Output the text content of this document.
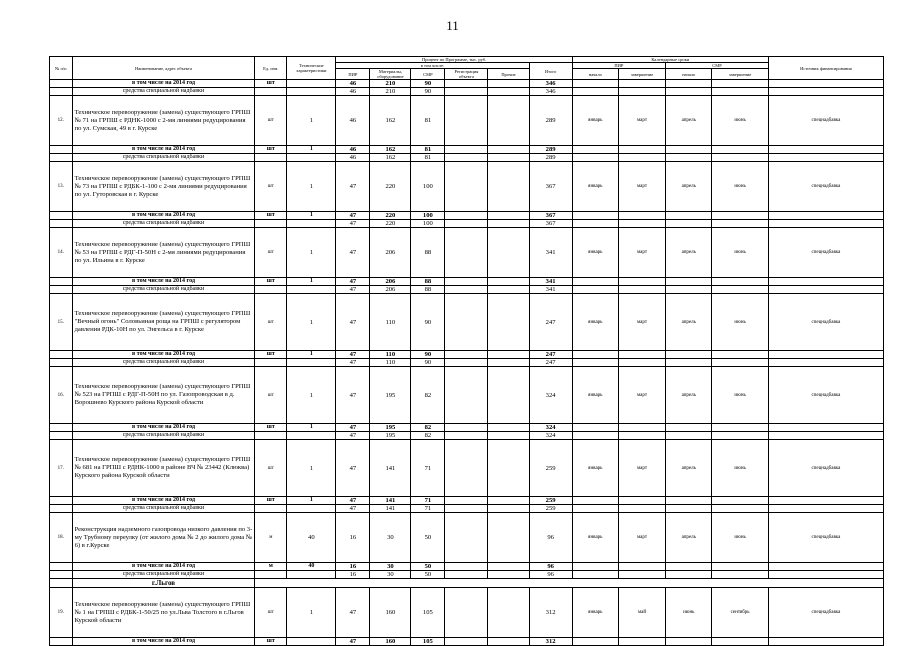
11
№ п/п	Наименование, адрес объекта	Ед. изм.	Технические характеристики	Процент по Программе, тыс. руб.						Календарные сроки				Источник финансирования
				в том числе:					Итого	ПИР		СМР		
				ПИР	Материалы, оборудование	СМР	Регистрация объекта	Прочие		начало	завершение	начало	завершение	
	в том числе на 2014 год	шт		46	210	90			346					
	средства специальной надбавки			46	210	90			346					
12.	Техническое перевооружение (замена) существующего ГРПШ № 71 на ГРПШ с РДНК-1000 с 2-мя линиями редуцирования по ул. Сумская, 49 в г. Курске	шт	1	46	162	81			289	январь	март	апрель	июнь	спецнадбавка
	в том числе на 2014 год	шт	1	46	162	81			289					
	средства специальной надбавки			46	162	81			289					
13.	Техническое перевооружение (замена) существующего ГРПШ № 73 на ГРПШ с РДБК-1-100 с 2-мя линиями редуцирования по ул. Гуторовская в г. Курске	шт	1	47	220	100			367	январь	март	апрель	июнь	спецнадбавка
	в том числе на 2014 год	шт	1	47	220	100			367					
	средства специальной надбавки			47	220	100			367					
14.	Техническое перевооружение (замена) существующего ГРПШ № 53 на ГРПШ с РДГ-П-50Н с 2-мя линиями редуцирования по ул. Ильина в г. Курске	шт	1	47	206	88			341	январь	март	апрель	июнь	спецнадбавка
	в том числе на 2014 год	шт	1	47	206	88			341					
	средства специальной надбавки			47	206	88			341					
15.	Техническое перевооружение (замена) существующего ГРПШ "Вечный огонь" Соловьиная роща на ГРПШ с регулятором давления РДК-10Н по ул. Энгельса в г. Курске	шт	1	47	110	90			247	январь	март	апрель	июнь	спецнадбавка
	в том числе на 2014 год	шт	1	47	110	90			247					
	средства специальной надбавки			47	110	90			247					
16.	Техническое перевооружение (замена) существующего ГРПШ № 523 на ГРПШ с РДГ-П-50Н по ул. Газопроводская в д. Ворошнево Курского района Курской области	шт	1	47	195	82			324	январь	март	апрель	июнь	спецнадбавка
	в том числе на 2014 год	шт	1	47	195	82			324					
	средства специальной надбавки			47	195	82			324					
17.	Техническое перевооружение (замена) существующего ГРПШ № 681 на ГРПШ с РДНК-1000 в районе ВЧ № 23442 (Клюква) Курского района Курской области	шт	1	47	141	71			259	январь	март	апрель	июнь	спецнадбавка
	в том числе на 2014 год	шт	1	47	141	71			259					
	средства специальной надбавки			47	141	71			259					
18.	Реконструкция надземного газопровода низкого давления по 3-му Трубному переулку (от жилого дома № 2 до жилого дома № 6) в г.Курске	м	40	16	30	50			96	январь	март	апрель	июнь	спецнадбавка
	в том числе на 2014 год	м	40	16	30	50			96					
	средства специальной надбавки			16	30	50			96					
	г.Льгов													
19.	Техническое перевооружение (замена) существующего ГРПШ № 1 на ГРПШ с РДБК-1-50/25 по ул.Льва Толстого в г.Льгов Курской области	шт	1	47	160	105			312	январь	май	июнь	сентябрь	спецнадбавка
	в том числе на 2014 год	шт		47	160	105			312					
